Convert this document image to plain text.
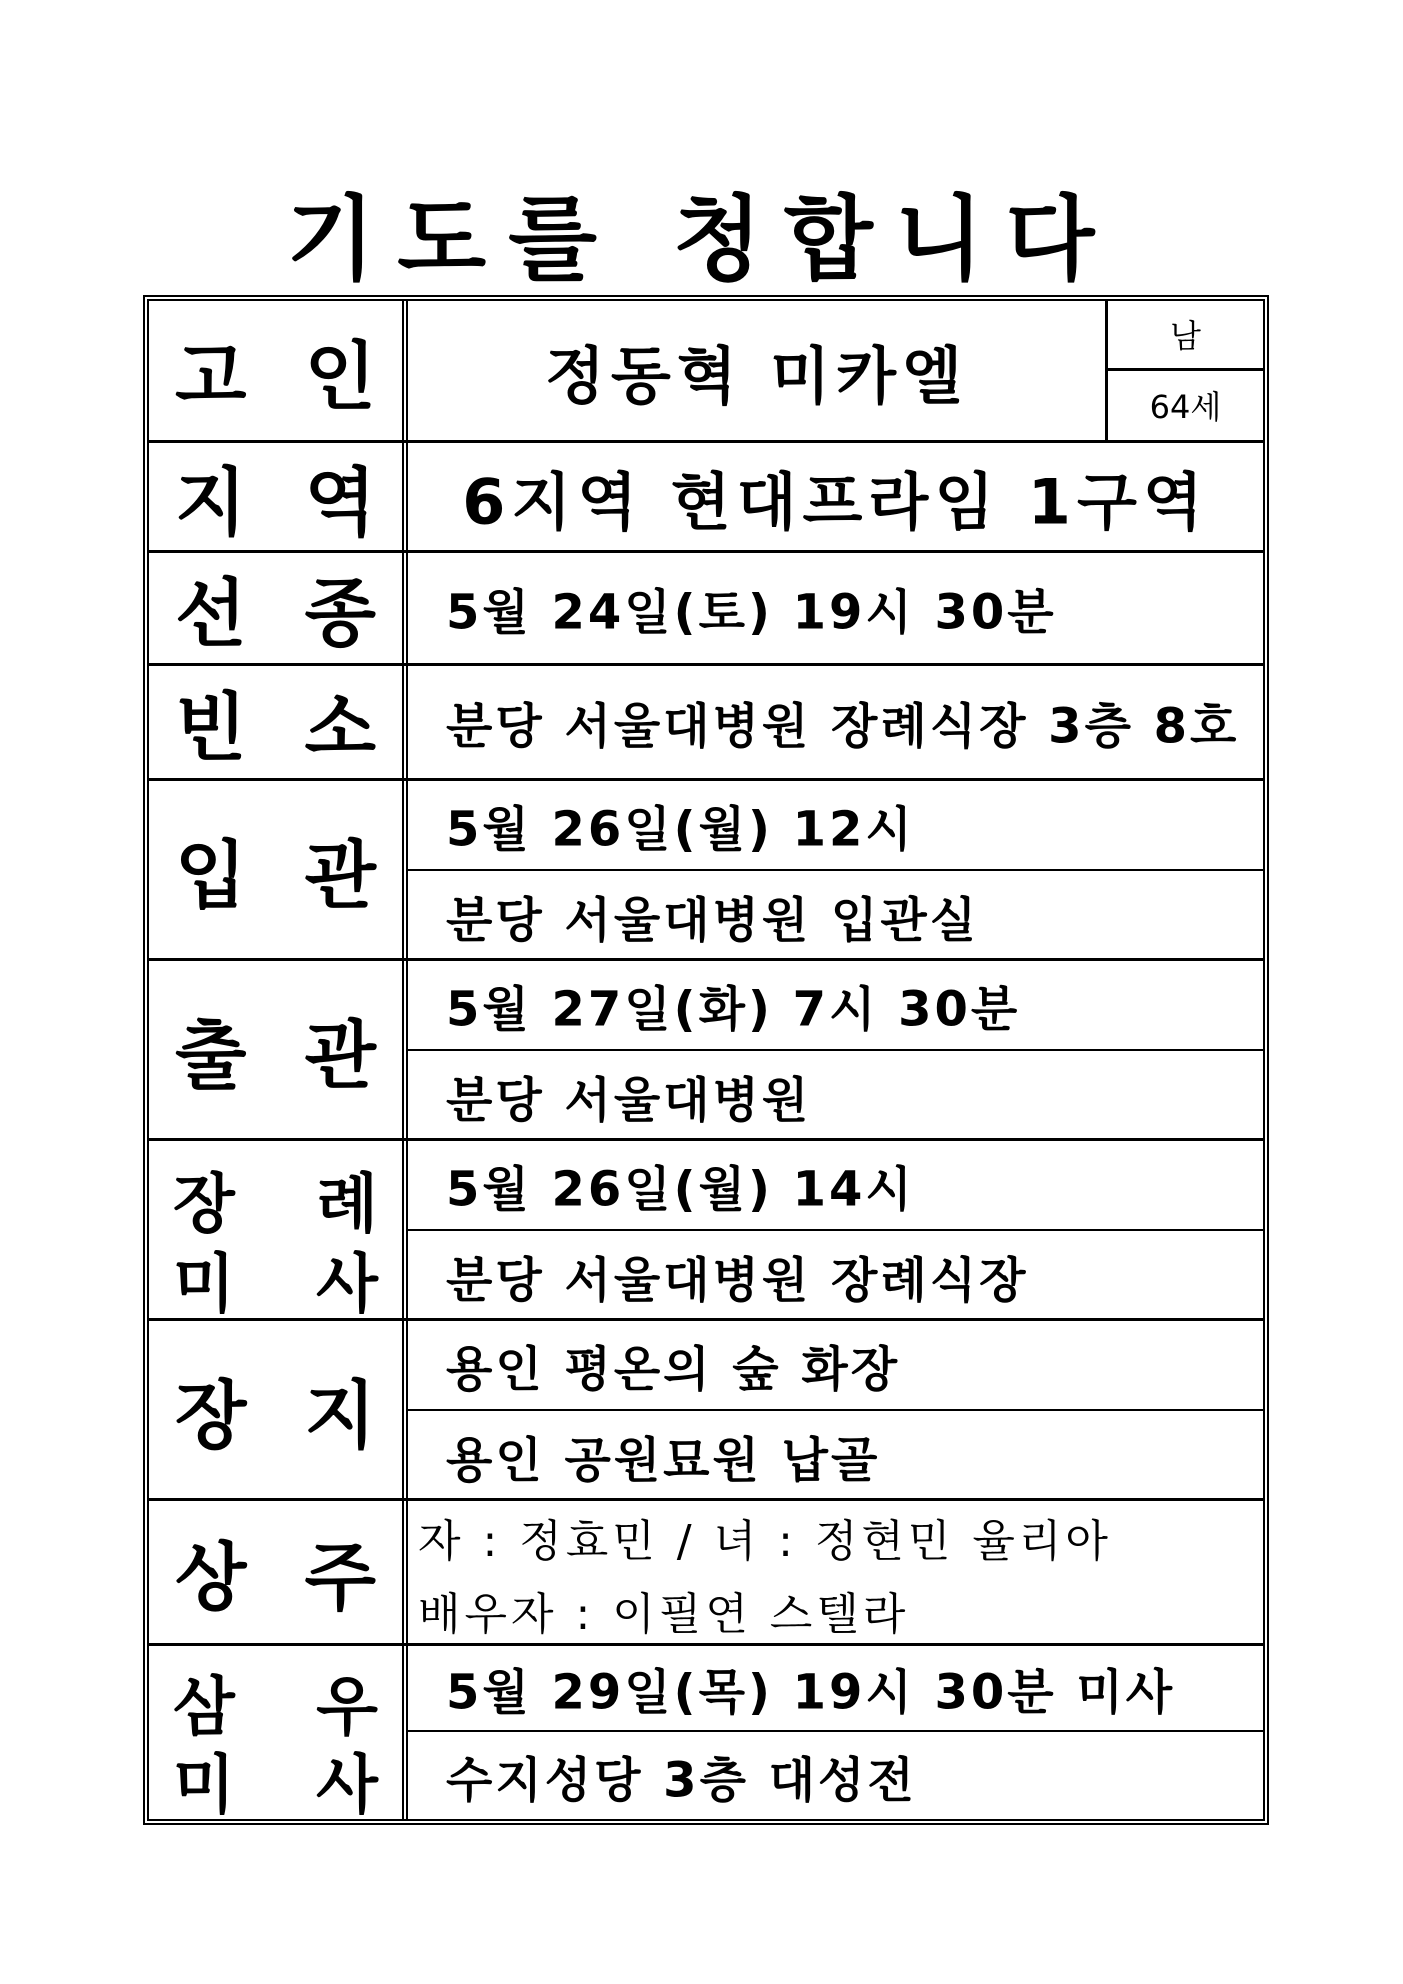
기도를 청합니다
고 인	정동혁 미카엘
남
64세
지 역	6지역 현대프라임 1구역
선 종 5월 24일(토) 19시 30분
빈 소 분당 서울대병원 장례식장 3층 8호
입 관
5월 26일(월) 12시
분당 서울대병원 입관실
출 관
5월 27일(화) 7시 30분
분당 서울대병원
장 례
미 사
5월 26일(월) 14시
분당 서울대병원 장례식장
장 지
용인 평온의 숲 화장
용인 공원묘원 납골
상 주 자 : 정효민 / 녀 : 정현민 율리아
배우자 : 이필연 스텔라
삼 우
미 사
5월 29일(목) 19시 30분 미사
수지성당 3층 대성전
